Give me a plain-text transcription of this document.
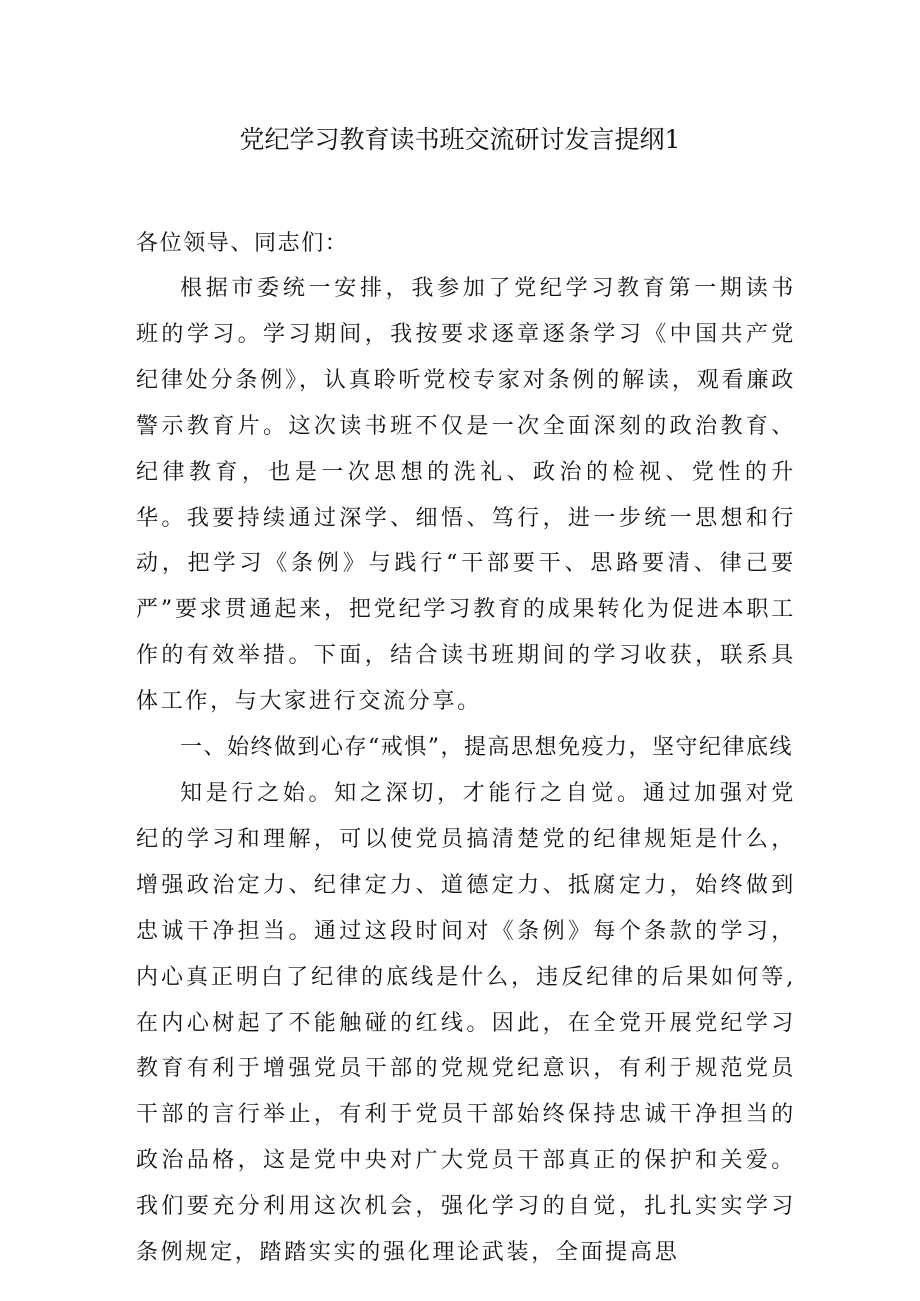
党纪学习教育读书班交流研讨发言提纲1

各位领导、同志们：

根据市委统一安排，我参加了党纪学习教育第一期读书班的学习。学习期间，我按要求逐章逐条学习《中国共产党纪律处分条例》，认真聆听党校专家对条例的解读，观看廉政警示教育片。这次读书班不仅是一次全面深刻的政治教育、纪律教育，也是一次思想的洗礼、政治的检视、党性的升华。我要持续通过深学、细悟、笃行，进一步统一思想和行动，把学习《条例》与践行“干部要干、思路要清、律己要严”要求贯通起来，把党纪学习教育的成果转化为促进本职工作的有效举措。下面，结合读书班期间的学习收获，联系具体工作，与大家进行交流分享。

一、始终做到心存“戒惧”，提高思想免疫力，坚守纪律底线

知是行之始。知之深切，才能行之自觉。通过加强对党纪的学习和理解，可以使党员搞清楚党的纪律规矩是什么，增强政治定力、纪律定力、道德定力、抵腐定力，始终做到忠诚干净担当。通过这段时间对《条例》每个条款的学习，内心真正明白了纪律的底线是什么，违反纪律的后果如何等,在内心树起了不能触碰的红线。因此，在全党开展党纪学习教育有利于增强党员干部的党规党纪意识，有利于规范党员干部的言行举止，有利于党员干部始终保持忠诚干净担当的政治品格，这是党中央对广大党员干部真正的保护和关爱。我们要充分利用这次机会，强化学习的自觉，扎扎实实学习条例规定，踏踏实实的强化理论武装，全面提高思
